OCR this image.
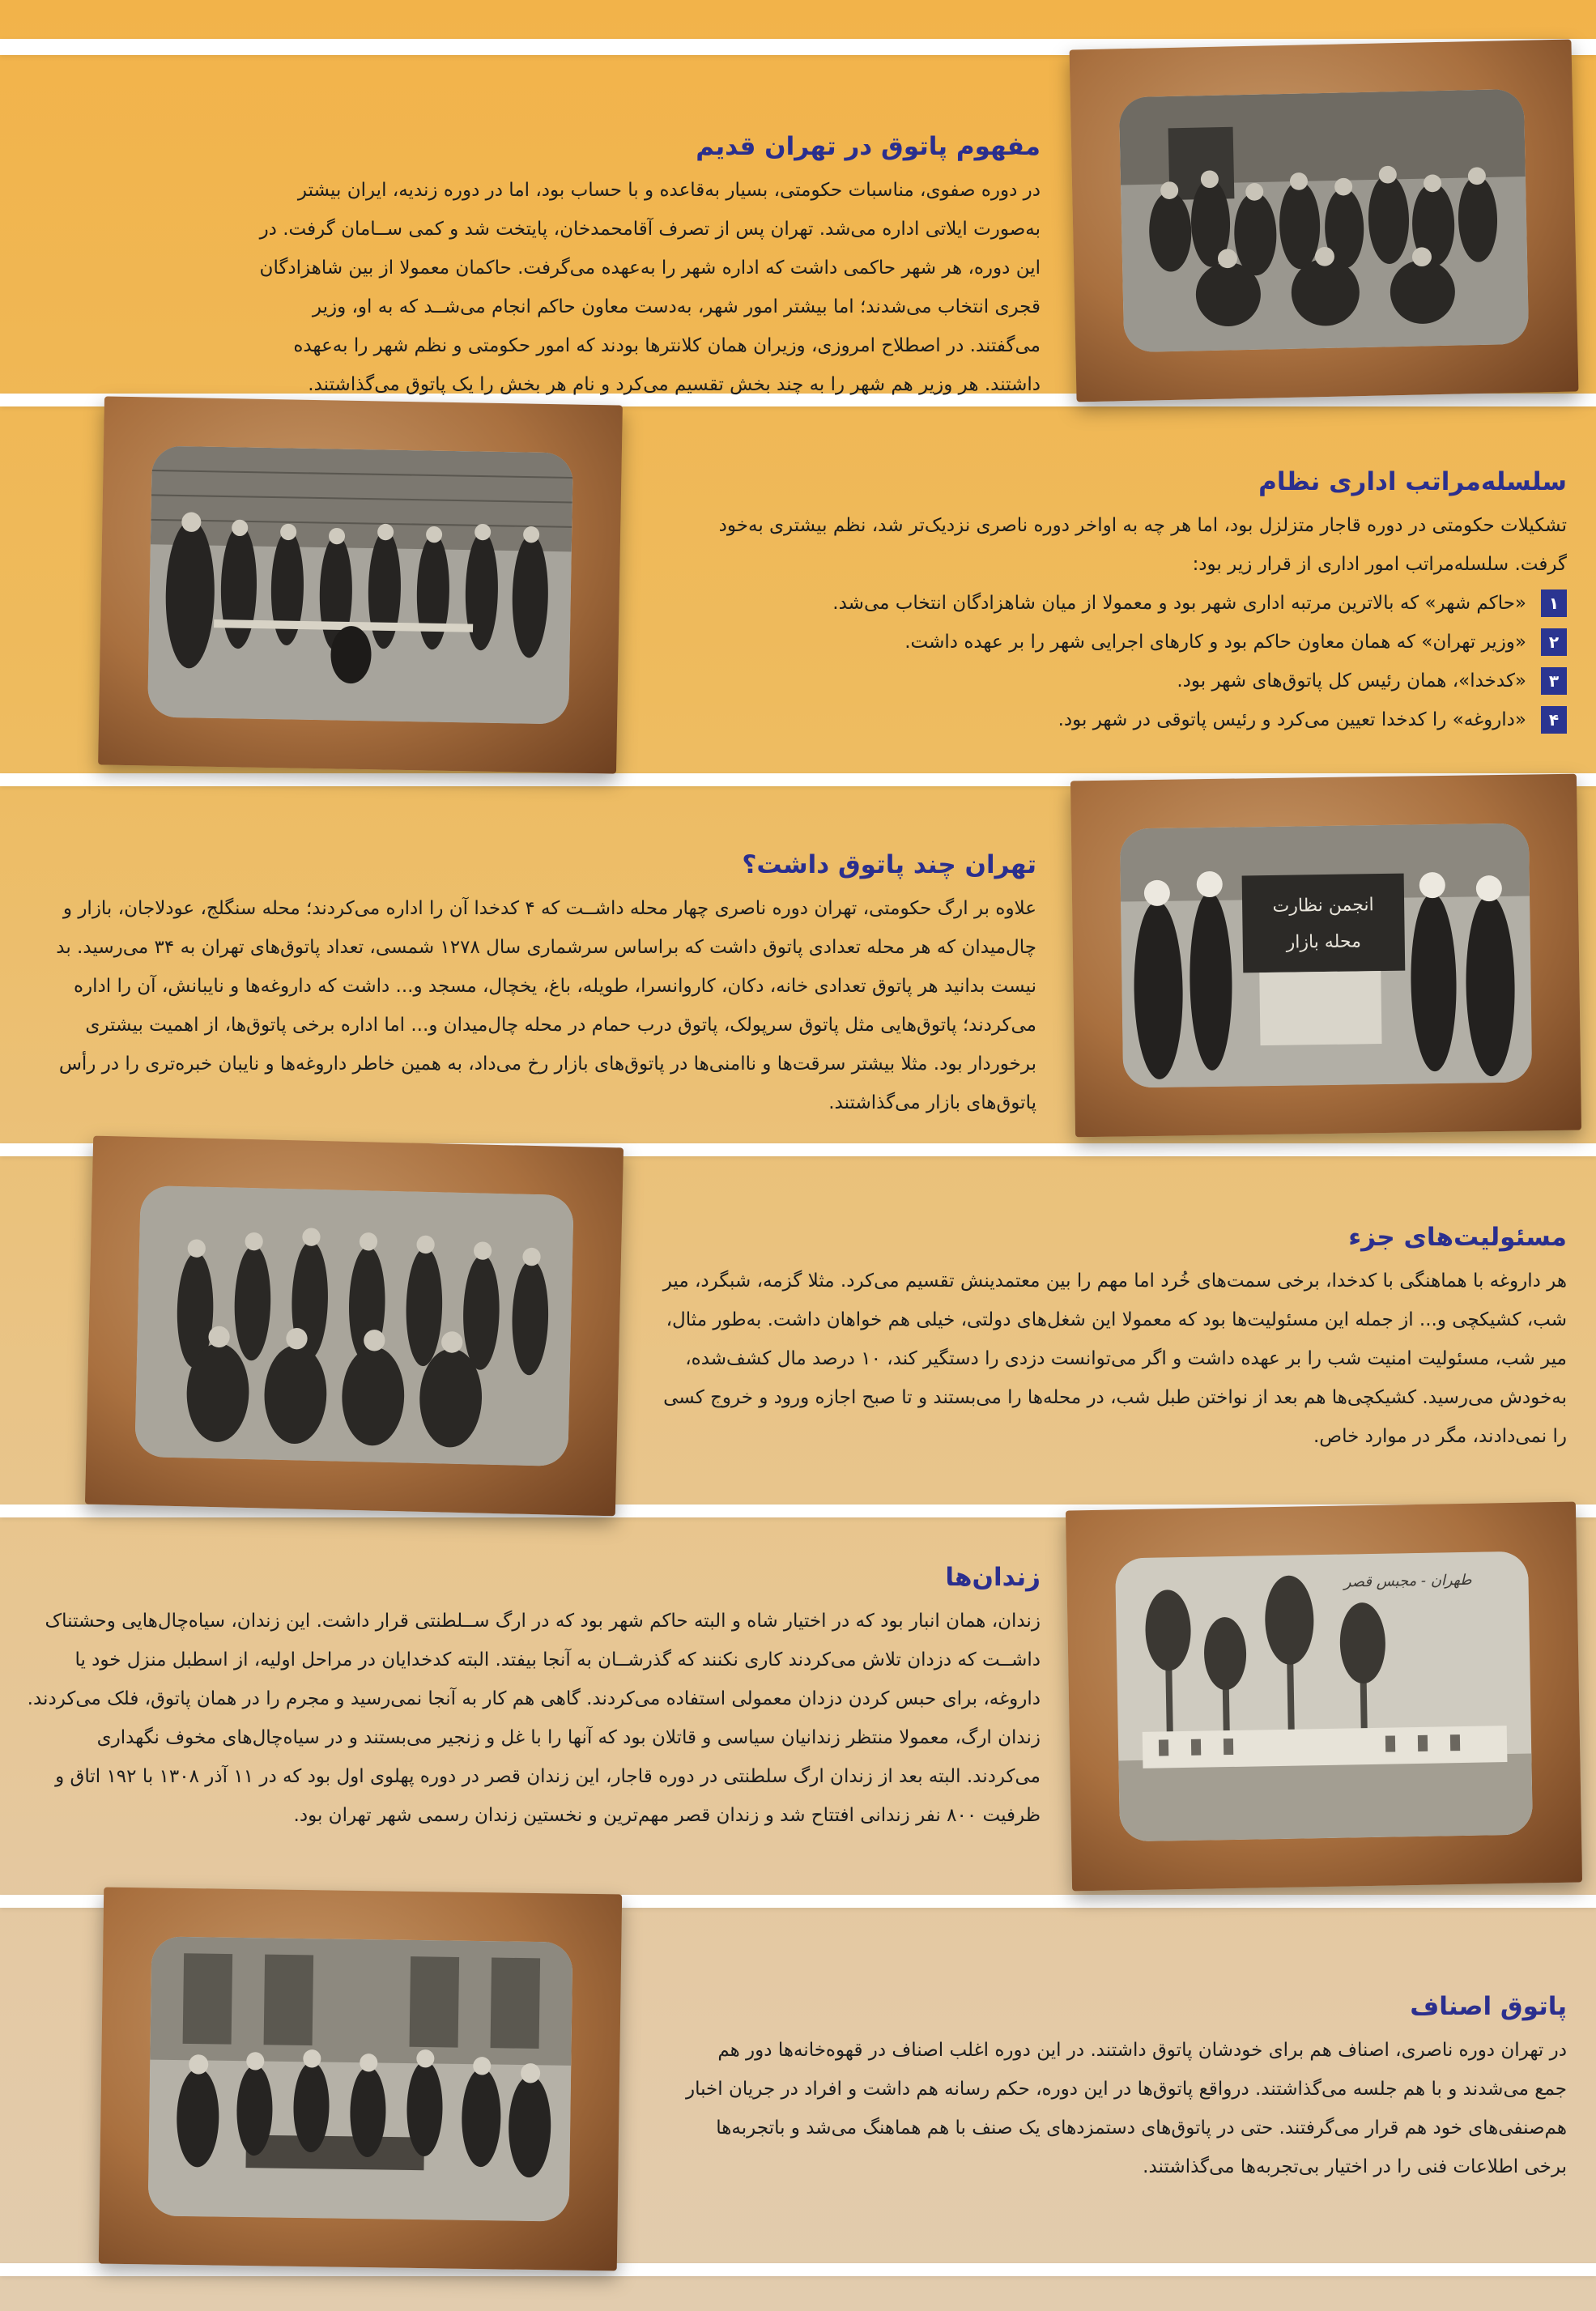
انجمن نظارت
محله بازار
طهران - مجبس قصر
مفهوم پاتوق در تهران قدیم

در دوره صفوی، مناسبات حکومتی، بسیار به‌قاعده و با حساب بود، اما در دوره زندیه، ایران بیشتر به‌صورت ایلاتی اداره می‌شد. تهران پس از تصرف آقامحمدخان، پایتخت شد و کمی ســامان گرفت. در این دوره، هر شهر حاکمی داشت که اداره شهر را به‌عهده می‌گرفت. حاکمان معمولا از بین شاهزادگان قجری انتخاب می‌شدند؛ اما بیشتر امور شهر، به‌دست معاون حاکم انجام می‌شــد که به او، وزیر می‌گفتند. در اصطلاح امروزی، وزیران همان کلانترها بودند که امور حکومتی و نظم شهر را به‌عهده داشتند. هر وزیر هم شهر را به چند بخش تقسیم می‌کرد و نام هر بخش را یک پاتوق می‌گذاشتند.

سلسله‌مراتب اداری نظام

تشکیلات حکومتی در دوره قاجار متزلزل بود، اما هر چه به اواخر دوره ناصری نزدیک‌تر شد، نظم بیشتری به‌خود گرفت. سلسله‌مراتب امور اداری از قرار زیر بود:

۱
«حاکم شهر» که بالاترین مرتبه اداری شهر بود و معمولا از میان شاهزادگان انتخاب می‌شد.
۲
«وزیر تهران» که همان معاون حاکم بود و کارهای اجرایی شهر را بر عهده داشت.
۳
«کدخدا»، همان رئیس کل پاتوق‌های شهر بود.
۴
«داروغه» را کدخدا تعیین می‌کرد و رئیس پاتوقی در شهر بود.
تهران چند پاتوق داشت؟

علاوه بر ارگ حکومتی، تهران دوره ناصری چهار محله داشــت که ۴ کدخدا آن را اداره می‌کردند؛ محله سنگلج، عودلاجان، بازار و چال‌میدان که هر محله تعدادی پاتوق داشت که براساس سرشماری سال ۱۲۷۸ شمسی، تعداد پاتوق‌های تهران به ۳۴ می‌رسید. بد نیست بدانید هر پاتوق تعدادی خانه، دکان، کاروانسرا، طویله، باغ، یخچال، مسجد و... داشت که داروغه‌ها و نایبانش، آن را اداره می‌کردند؛ پاتوق‌هایی مثل پاتوق سرپولک، پاتوق درب حمام در محله چال‌میدان و... اما اداره برخی پاتوق‌ها، از اهمیت بیشتری برخوردار بود. مثلا بیشتر سرقت‌ها و ناامنی‌ها در پاتوق‌های بازار رخ می‌داد، به همین خاطر داروغه‌ها و نایبان خبره‌تری را در رأس پاتوق‌های بازار می‌گذاشتند.

مسئولیت‌های جزء

هر داروغه با هماهنگی با کدخدا، برخی سمت‌های خُرد اما مهم را بین معتمدینش تقسیم می‌کرد. مثلا گزمه، شبگرد، میر شب، کشیکچی و... از جمله این مسئولیت‌ها بود که معمولا این شغل‌های دولتی، خیلی هم خواهان داشت. به‌طور مثال، میر شب، مسئولیت امنیت شب را بر عهده داشت و اگر می‌توانست دزدی را دستگیر کند، ۱۰ درصد مال کشف‌شده، به‌خودش می‌رسید. کشیکچی‌ها هم بعد از نواختن طبل شب، در محله‌ها را می‌بستند و تا صبح اجازه ورود و خروج کسی را نمی‌دادند، مگر در موارد خاص.

زندان‌ها

زندان، همان انبار بود که در اختیار شاه و البته حاکم شهر بود که در ارگ ســلطنتی قرار داشت. این زندان، سیاه‌چال‌هایی وحشتناک داشــت که دزدان تلاش می‌کردند کاری نکنند که گذرشــان به آنجا بیفتد. البته کدخدایان در مراحل اولیه، از اسطبل منزل خود یا داروغه، برای حبس کردن دزدان معمولی استفاده می‌کردند. گاهی هم کار به آنجا نمی‌رسید و مجرم را در همان پاتوق، فلک می‌کردند. زندان ارگ، معمولا منتظر زندانیان سیاسی و قاتلان بود که آنها را با غل و زنجیر می‌بستند و در سیاه‌چال‌های مخوف نگهداری می‌کردند. البته بعد از زندان ارگ سلطنتی در دوره قاجار، این زندان قصر در دوره پهلوی اول بود که در ۱۱ آذر ۱۳۰۸ با ۱۹۲ اتاق و ظرفیت ۸۰۰ نفر زندانی افتتاح شد و زندان قصر مهم‌ترین و نخستین زندان رسمی شهر تهران بود.

پاتوق اصناف

در تهران دوره ناصری، اصناف هم برای خودشان پاتوق داشتند. در این دوره اغلب اصناف در قهوه‌خانه‌ها دور هم جمع می‌شدند و با هم جلسه می‌گذاشتند. درواقع پاتوق‌ها در این دوره، حکم رسانه هم داشت و افراد در جریان اخبار هم‌صنفی‌های خود هم قرار می‌گرفتند. حتی در پاتوق‌های دستمزدهای یک صنف با هم هماهنگ می‌شد و باتجربه‌ها برخی اطلاعات فنی را در اختیار بی‌تجربه‌ها می‌گذاشتند.
